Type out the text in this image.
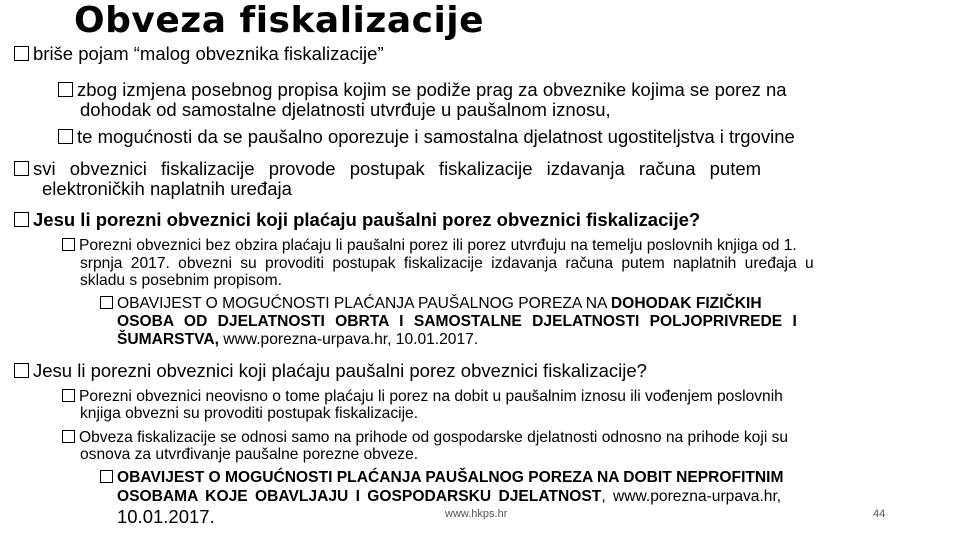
Obveza fiskalizacije
briše pojam “malog obveznika fiskalizacije”
zbog izmjena posebnog propisa kojim se podiže prag za obveznike kojima se porez na
dohodak od samostalne djelatnosti utvrđuje u paušalnom iznosu,
te mogućnosti da se paušalno oporezuje i samostalna djelatnost ugostiteljstva i trgovine
svi obveznici fiskalizacije provode postupak fiskalizacije izdavanja računa putem
elektroničkih naplatnih uređaja
Jesu li porezni obveznici koji plaćaju paušalni porez obveznici fiskalizacije?
Porezni obveznici bez obzira plaćaju li paušalni porez ili porez utvrđuju na temelju poslovnih knjiga od 1.
srpnja 2017. obvezni su provoditi postupak fiskalizacije izdavanja računa putem naplatnih uređaja u
skladu s posebnim propisom.
OBAVIJEST O MOGUĆNOSTI PLAĆANJA PAUŠALNOG POREZA NA DOHODAK FIZIČKIH
OSOBA OD DJELATNOSTI OBRTA I SAMOSTALNE DJELATNOSTI POLJOPRIVREDE I
ŠUMARSTVA, www.porezna-urpava.hr, 10.01.2017.
Jesu li porezni obveznici koji plaćaju paušalni porez obveznici fiskalizacije?
Porezni obveznici neovisno o tome plaćaju li porez na dobit u paušalnim iznosu ili vođenjem poslovnih
knjiga obvezni su provoditi postupak fiskalizacije.
Obveza fiskalizacije se odnosi samo na prihode od gospodarske djelatnosti odnosno na prihode koji su
osnova za utvrđivanje paušalne porezne obveze.
OBAVIJEST O MOGUĆNOSTI PLAĆANJA PAUŠALNOG POREZA NA DOBIT NEPROFITNIM
OSOBAMA KOJE OBAVLJAJU I GOSPODARSKU DJELATNOST, www.porezna-urpava.hr,
10.01.2017.	www.hkps.hr	44
